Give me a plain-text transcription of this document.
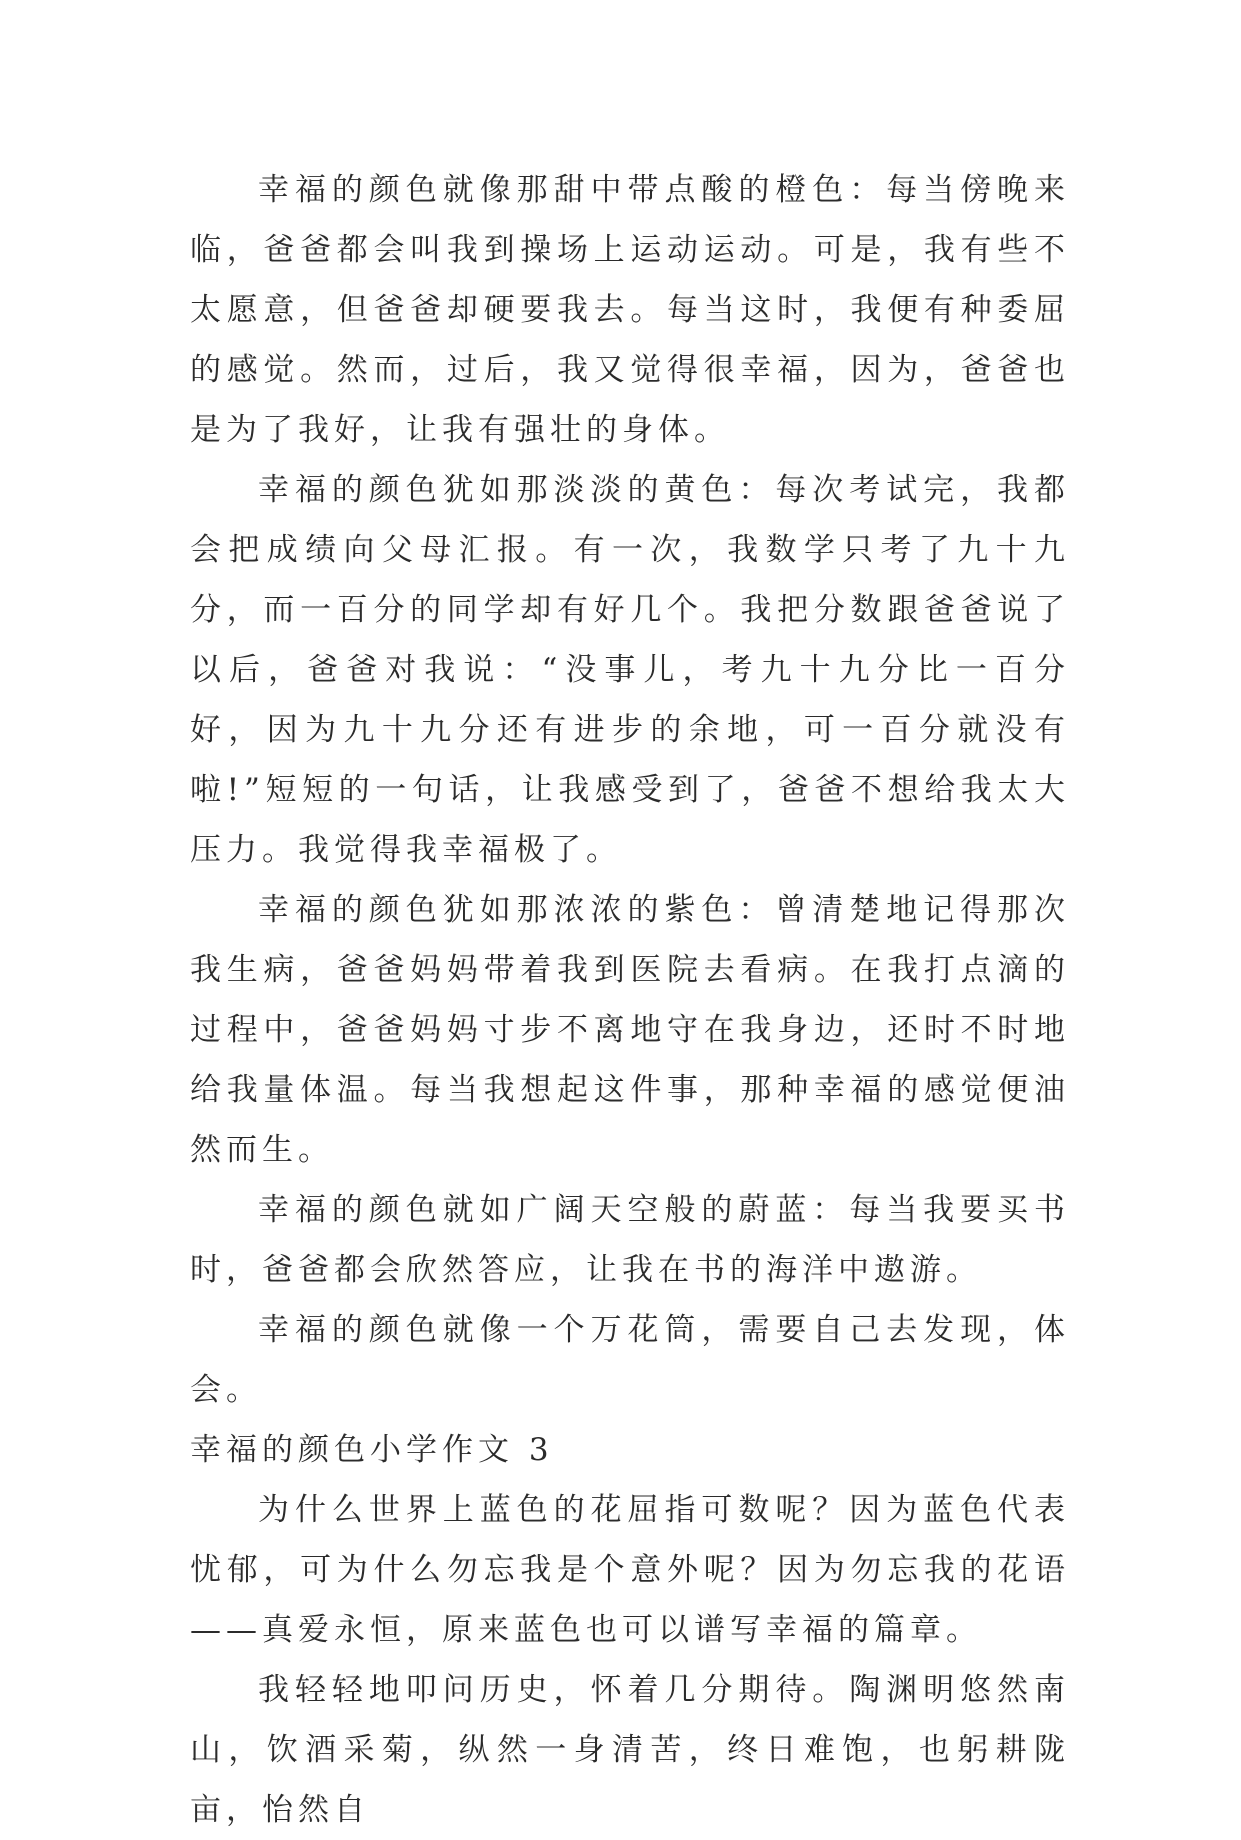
幸福的颜色就像那甜中带点酸的橙色：每当傍晚来临，爸爸都会叫我到操场上运动运动。可是，我有些不太愿意，但爸爸却硬要我去。每当这时，我便有种委屈的感觉。然而，过后，我又觉得很幸福，因为，爸爸也是为了我好，让我有强壮的身体。

幸福的颜色犹如那淡淡的黄色：每次考试完，我都会把成绩向父母汇报。有一次，我数学只考了九十九分，而一百分的同学却有好几个。我把分数跟爸爸说了以后，爸爸对我说：“没事儿，考九十九分比一百分好，因为九十九分还有进步的余地，可一百分就没有啦!”短短的一句话，让我感受到了，爸爸不想给我太大压力。我觉得我幸福极了。

幸福的颜色犹如那浓浓的紫色：曾清楚地记得那次我生病，爸爸妈妈带着我到医院去看病。在我打点滴的过程中，爸爸妈妈寸步不离地守在我身边，还时不时地给我量体温。每当我想起这件事，那种幸福的感觉便油然而生。

幸福的颜色就如广阔天空般的蔚蓝：每当我要买书时，爸爸都会欣然答应，让我在书的海洋中遨游。

幸福的颜色就像一个万花筒，需要自己去发现，体会。

幸福的颜色小学作文 3

为什么世界上蓝色的花屈指可数呢？因为蓝色代表忧郁，可为什么勿忘我是个意外呢？因为勿忘我的花语——真爱永恒，原来蓝色也可以谱写幸福的篇章。

我轻轻地叩问历史，怀着几分期待。陶渊明悠然南山，饮酒采菊，纵然一身清苦，终日难饱，也躬耕陇亩，怡然自
